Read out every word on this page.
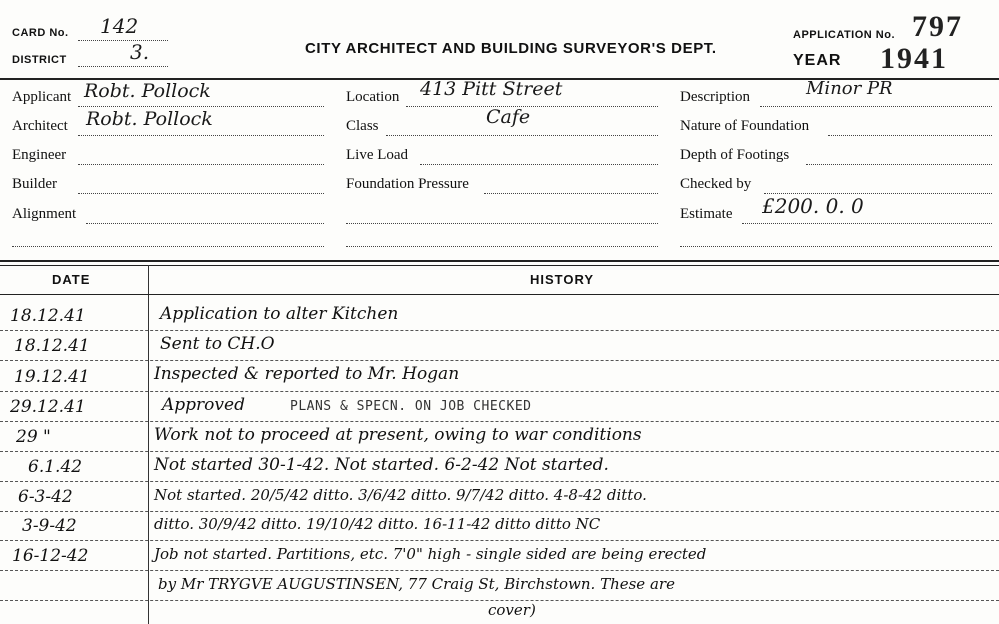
CARD No. 142
DISTRICT	3.	CITY ARCHITECT AND BUILDING SURVEYOR'S DEPT.
APPLICATION No. 797
YEAR 1941
Applicant Robt. Pollock
Architect Robt. Pollock
Engineer
Builder
Alignment
Location 413 Pitt Street
Class	Cafe
Live Load
Foundation Pressure
Description	Minor PR
Nature of Foundation
Depth of Footings
Checked by
Estimate £200. 0. 0
DATE	HISTORY
18.12.41	Application to alter Kitchen
18.12.41	Sent to CH.O
19.12.41	Inspected & reported to Mr. Hogan
29.12.41	Approved	PLANS & SPECN. ON JOB CHECKED
29 "	Work not to proceed at present, owing to war conditions
6.1.42	Not started 30-1-42. Not started. 6-2-42 Not started.
6-3-42	Not started. 20/5/42 ditto. 3/6/42 ditto. 9/7/42 ditto. 4-8-42 ditto.
3-9-42	ditto. 30/9/42 ditto. 19/10/42 ditto. 16-11-42 ditto ditto NC
16-12-42	Job not started. Partitions, etc. 7'0" high - single sided are being erected
by Mr TRYGVE AUGUSTINSEN, 77 Craig St, Birchstown. These are
cover)
